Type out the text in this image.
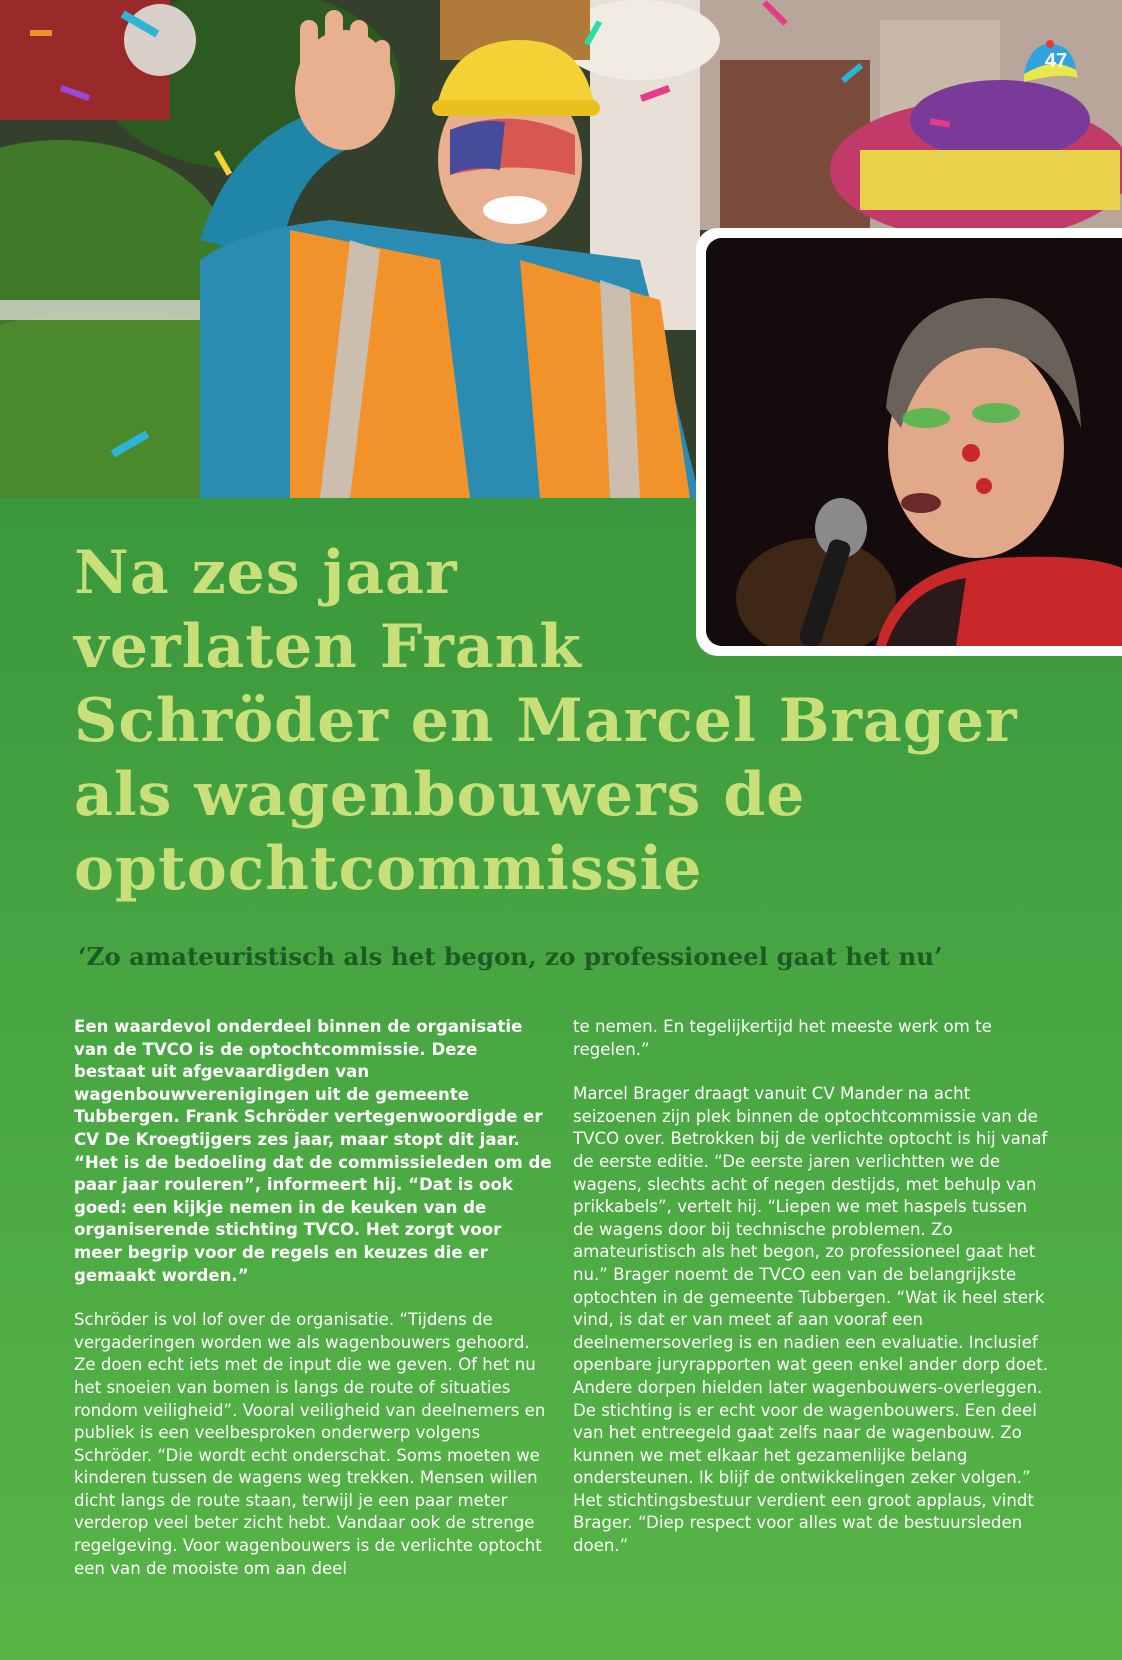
47
Na zes jaar
verlaten Frank
Schröder en Marcel Brager
als wagenbouwers de
optochtcommissie
‘Zo amateuristisch als het begon, zo professioneel gaat het nu’

Een waardevol onderdeel binnen de organisatie van de TVCO is de optochtcommissie. Deze bestaat uit afgevaardigden van wagenbouwverenigingen uit de gemeente Tubbergen. Frank Schröder vertegenwoordigde er CV De Kroegtijgers zes jaar, maar stopt dit jaar. “Het is de bedoeling dat de commissieleden om de paar jaar rouleren”, informeert hij. “Dat is ook goed: een kijkje nemen in de keuken van de organiserende stichting TVCO. Het zorgt voor meer begrip voor de regels en keuzes die er gemaakt worden.”

Schröder is vol lof over de organisatie. “Tijdens de vergaderingen worden we als wagenbouwers gehoord. Ze doen echt iets met de input die we geven. Of het nu het snoeien van bomen is langs de route of situaties rondom veiligheid”. Vooral veiligheid van deelnemers en publiek is een veelbesproken onderwerp volgens Schröder. “Die wordt echt onderschat. Soms moeten we kinderen tussen de wagens weg trekken. Mensen willen dicht langs de route staan, terwijl je een paar meter verderop veel beter zicht hebt. Vandaar ook de strenge regelgeving. Voor wagenbouwers is de verlichte optocht een van de mooiste om aan deel

te nemen. En tegelijkertijd het meeste werk om te regelen.”

Marcel Brager draagt vanuit CV Mander na acht seizoenen zijn plek binnen de optochtcommissie van de TVCO over. Betrokken bij de verlichte optocht is hij vanaf de eerste editie. “De eerste jaren verlichtten we de wagens, slechts acht of negen destijds, met behulp van prikkabels”, vertelt hij. “Liepen we met haspels tussen de wagens door bij technische problemen. Zo amateuristisch als het begon, zo professioneel gaat het nu.” Brager noemt de TVCO een van de belangrijkste optochten in de gemeente Tubbergen. “Wat ik heel sterk vind, is dat er van meet af aan vooraf een deelnemersoverleg is en nadien een evaluatie. Inclusief openbare juryrapporten wat geen enkel ander dorp doet. Andere dorpen hielden later wagenbouwers-overleggen. De stichting is er echt voor de wagenbouwers. Een deel van het entreegeld gaat zelfs naar de wagenbouw. Zo kunnen we met elkaar het gezamenlijke belang ondersteunen. Ik blijf de ontwikkelingen zeker volgen.” Het stichtingsbestuur verdient een groot applaus, vindt Brager. “Diep respect voor alles wat de bestuursleden doen.”
